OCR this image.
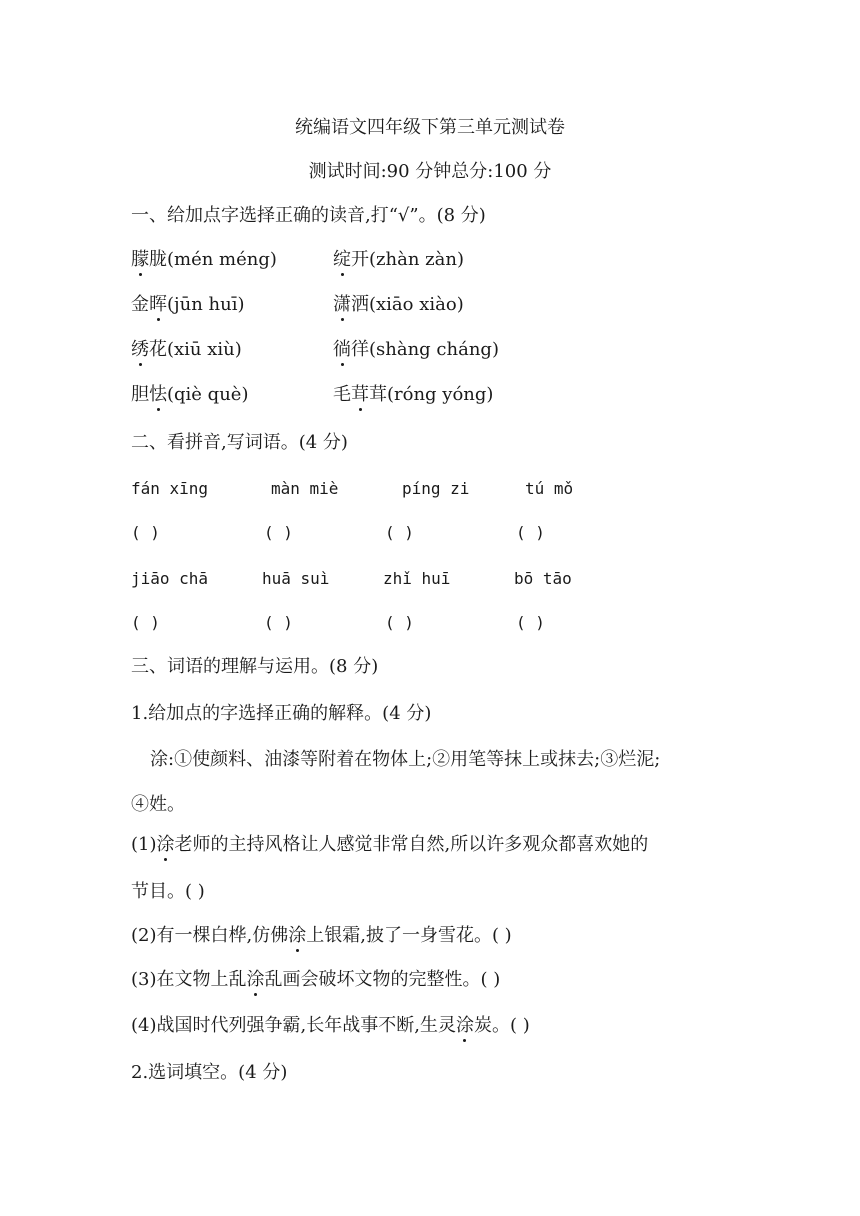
统编语文四年级下第三单元测试卷
测试时间:90 分钟总分:100 分
一、给加点字选择正确的读音,打“√”。(8 分)
朦胧(mén méng)	绽开(zhàn zàn)
金晖(jūn huī)	潇洒(xiāo xiào)
绣花(xiū xiù)	徜徉(shàng cháng)
胆怯(qiè què)	毛茸茸(róng yóng)
二、看拼音,写词语。(4 分)
fán xīng	màn miè	píng zi	tú mǒ
( )	( )	( )	( )
jiāo chā	huā suì	zhǐ huī	bō tāo
( )	( )	( )	( )
三、词语的理解与运用。(8 分)
1.给加点的字选择正确的解释。(4 分)
涂:①使颜料、油漆等附着在物体上;②用笔等抹上或抹去;③烂泥;
④姓。
(1)涂老师的主持风格让人感觉非常自然,所以许多观众都喜欢她的
节目。( )
(2)有一棵白桦,仿佛涂上银霜,披了一身雪花。( )
(3)在文物上乱涂乱画会破坏文物的完整性。( )
(4)战国时代列强争霸,长年战事不断,生灵涂炭。( )
2.选词填空。(4 分)
